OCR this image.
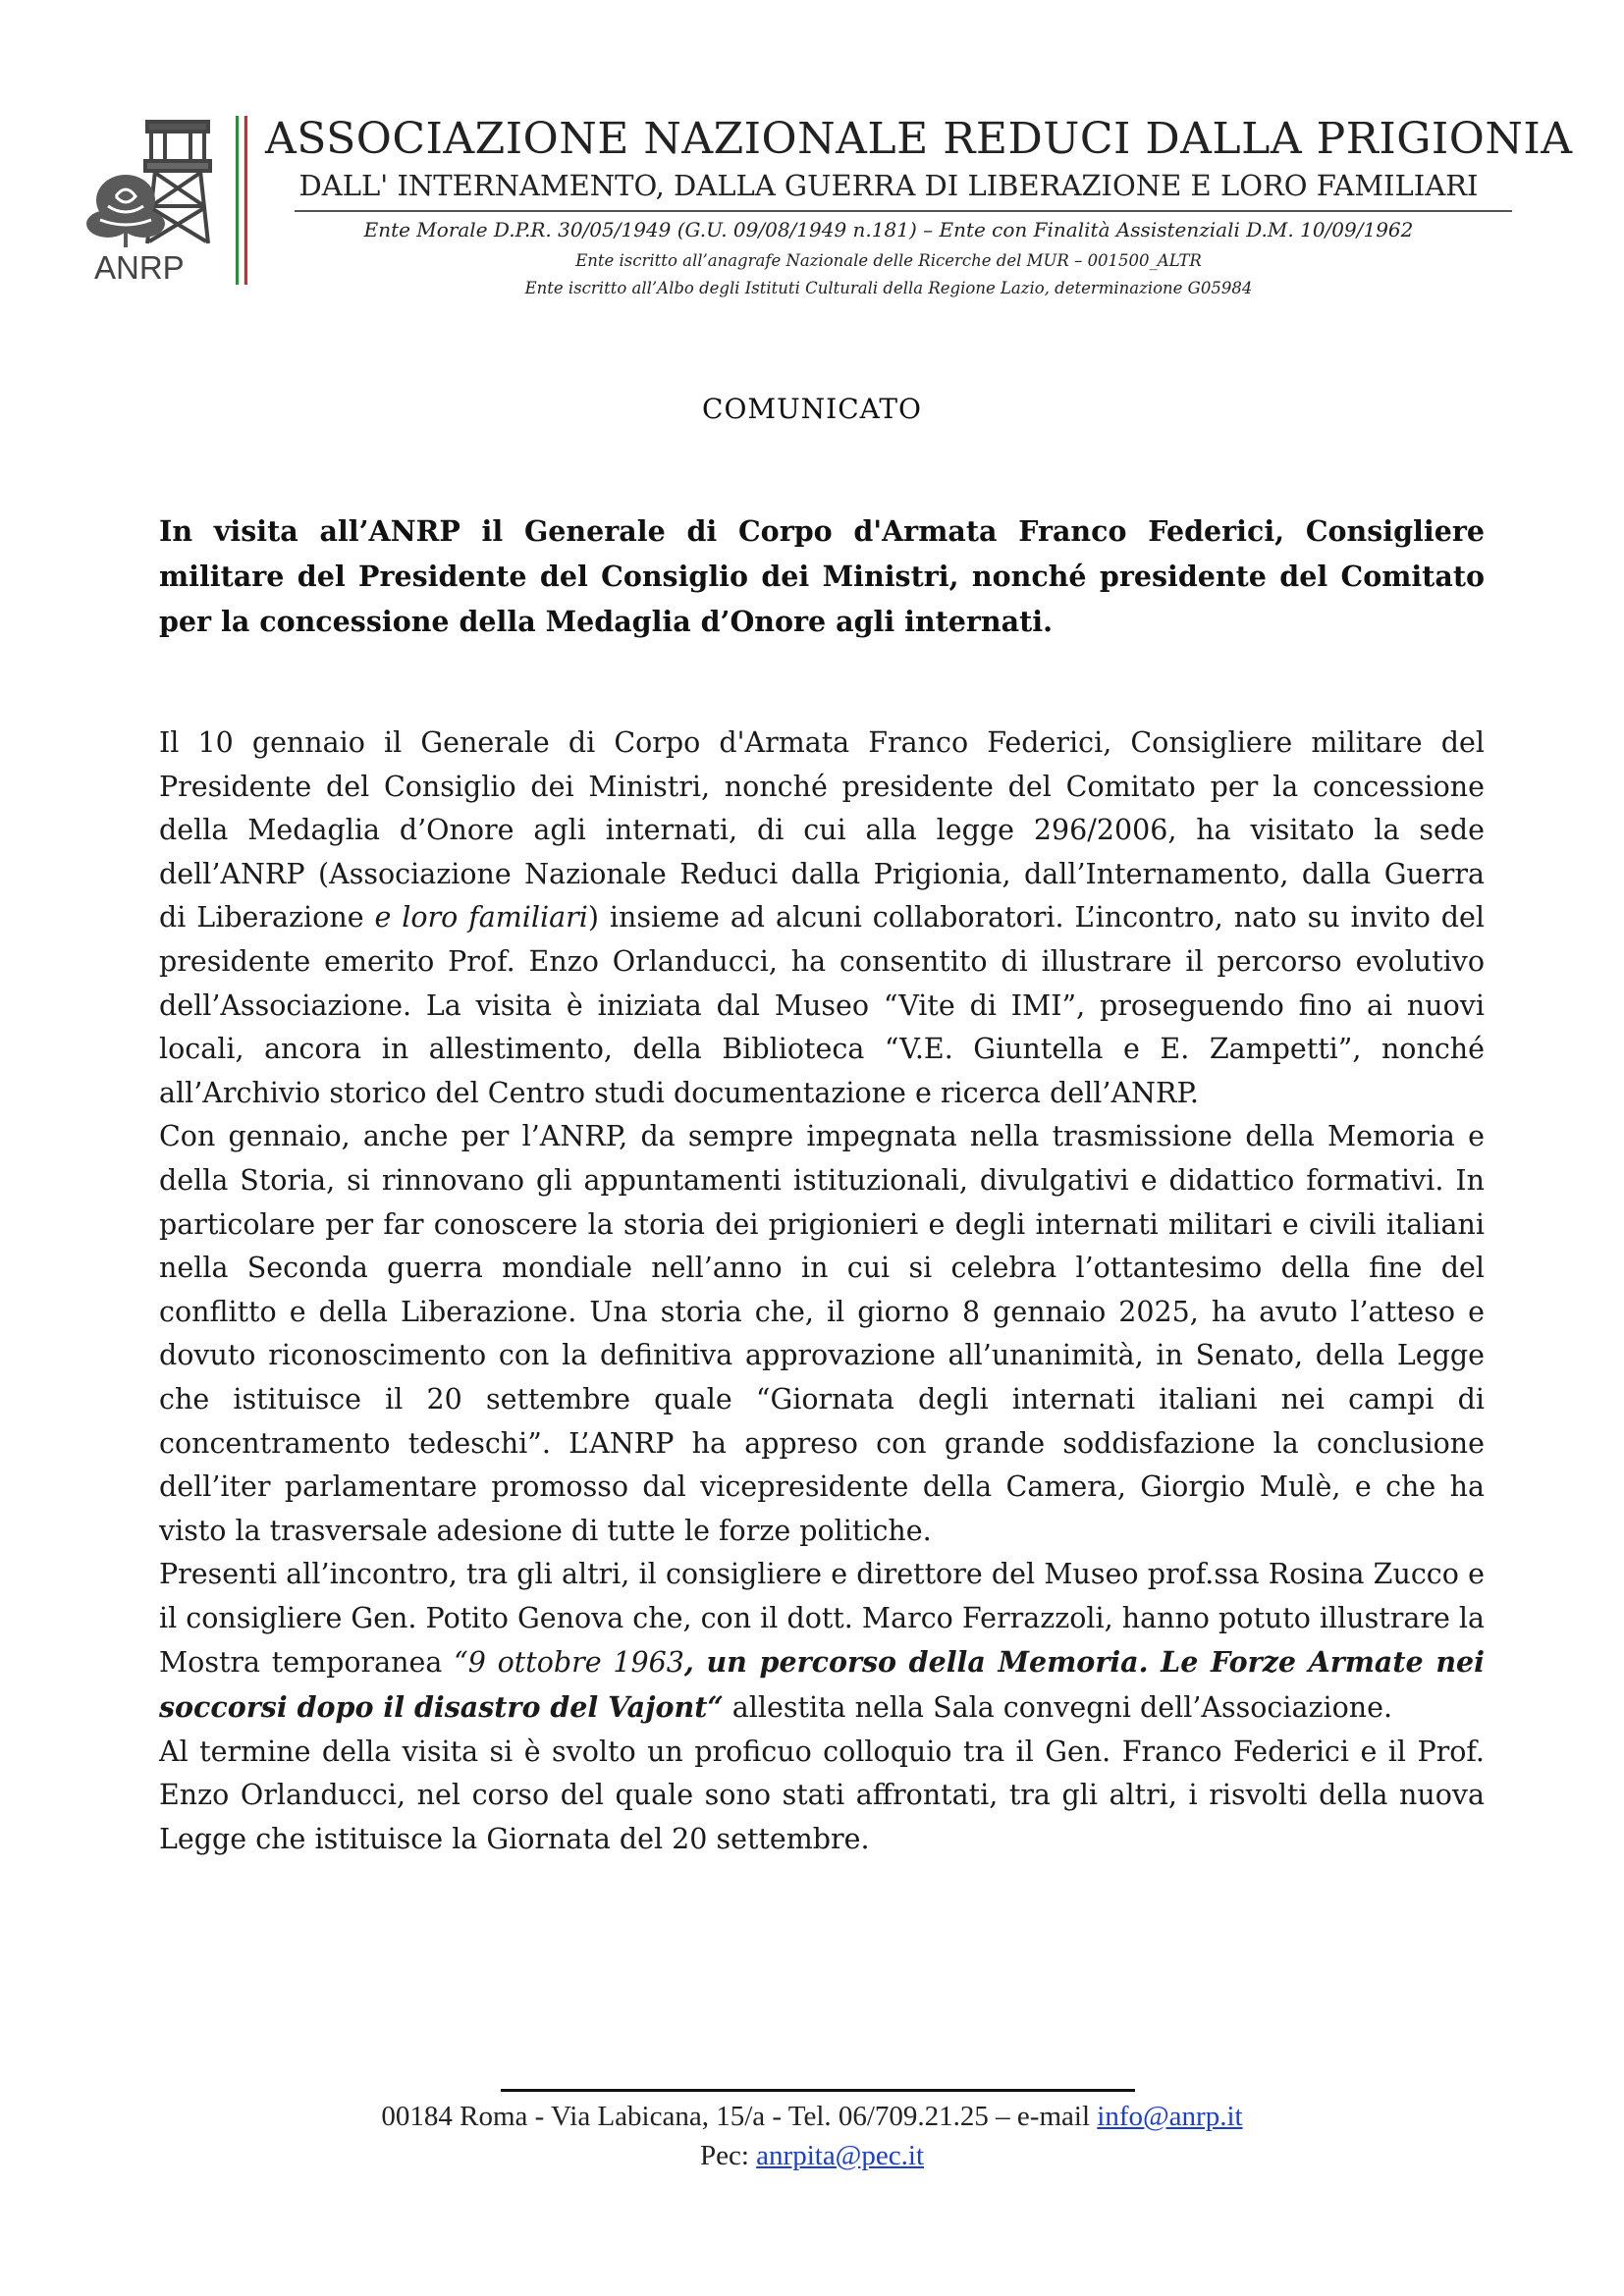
ANRP
ASSOCIAZIONE NAZIONALE REDUCI DALLA PRIGIONIA
DALL' INTERNAMENTO, DALLA GUERRA DI LIBERAZIONE E LORO FAMILIARI
Ente Morale D.P.R. 30/05/1949 (G.U. 09/08/1949 n.181) – Ente con Finalità Assistenziali D.M. 10/09/1962
Ente iscritto all’anagrafe Nazionale delle Ricerche del MUR – 001500_ALTR
Ente iscritto all’Albo degli Istituti Culturali della Regione Lazio, determinazione G05984
COMUNICATO

In visita all’ANRP il Generale di Corpo d'Armata Franco Federici, Consigliere militare del Presidente del Consiglio dei Ministri, nonché presidente del Comitato per la concessione della Medaglia d’Onore agli internati.

Il 10 gennaio il Generale di Corpo d'Armata Franco Federici, Consigliere militare del Presidente del Consiglio dei Ministri, nonché presidente del Comitato per la concessione della Medaglia d’Onore agli internati, di cui alla legge 296/2006, ha visitato la sede dell’ANRP (Associazione Nazionale Reduci dalla Prigionia, dall’Internamento, dalla Guerra di Liberazione e loro familiari) insieme ad alcuni collaboratori. L’incontro, nato su invito del presidente emerito Prof. Enzo Orlanducci, ha consentito di illustrare il percorso evolutivo dell’Associazione. La visita è iniziata dal Museo “Vite di IMI”, proseguendo fino ai nuovi locali, ancora in allestimento, della Biblioteca “V.E. Giuntella e E. Zampetti”, nonché all’Archivio storico del Centro studi documentazione e ricerca dell’ANRP.

Con gennaio, anche per l’ANRP, da sempre impegnata nella trasmissione della Memoria e della Storia, si rinnovano gli appuntamenti istituzionali, divulgativi e didattico formativi. In particolare per far conoscere la storia dei prigionieri e degli internati militari e civili italiani nella Seconda guerra mondiale nell’anno in cui si celebra l’ottantesimo della fine del conflitto e della Liberazione. Una storia che, il giorno 8 gennaio 2025, ha avuto l’atteso e dovuto riconoscimento con la definitiva approvazione all’unanimità, in Senato, della Legge che istituisce il 20 settembre quale “Giornata degli internati italiani nei campi di concentramento tedeschi”. L’ANRP ha appreso con grande soddisfazione la conclusione dell’iter parlamentare promosso dal vicepresidente della Camera, Giorgio Mulè, e che ha visto la trasversale adesione di tutte le forze politiche.

Presenti all’incontro, tra gli altri, il consigliere e direttore del Museo prof.ssa Rosina Zucco e il consigliere Gen. Potito Genova che, con il dott. Marco Ferrazzoli, hanno potuto illustrare la Mostra temporanea “9 ottobre 1963, un percorso della Memoria. Le Forze Armate nei soccorsi dopo il disastro del Vajont“ allestita nella Sala convegni dell’Associazione.

Al termine della visita si è svolto un proficuo colloquio tra il Gen. Franco Federici e il Prof. Enzo Orlanducci, nel corso del quale sono stati affrontati, tra gli altri, i risvolti della nuova Legge che istituisce la Giornata del 20 settembre.

00184 Roma - Via Labicana, 15/a - Tel. 06/709.21.25 – e-mail info@anrp.it
Pec: anrpita@pec.it
